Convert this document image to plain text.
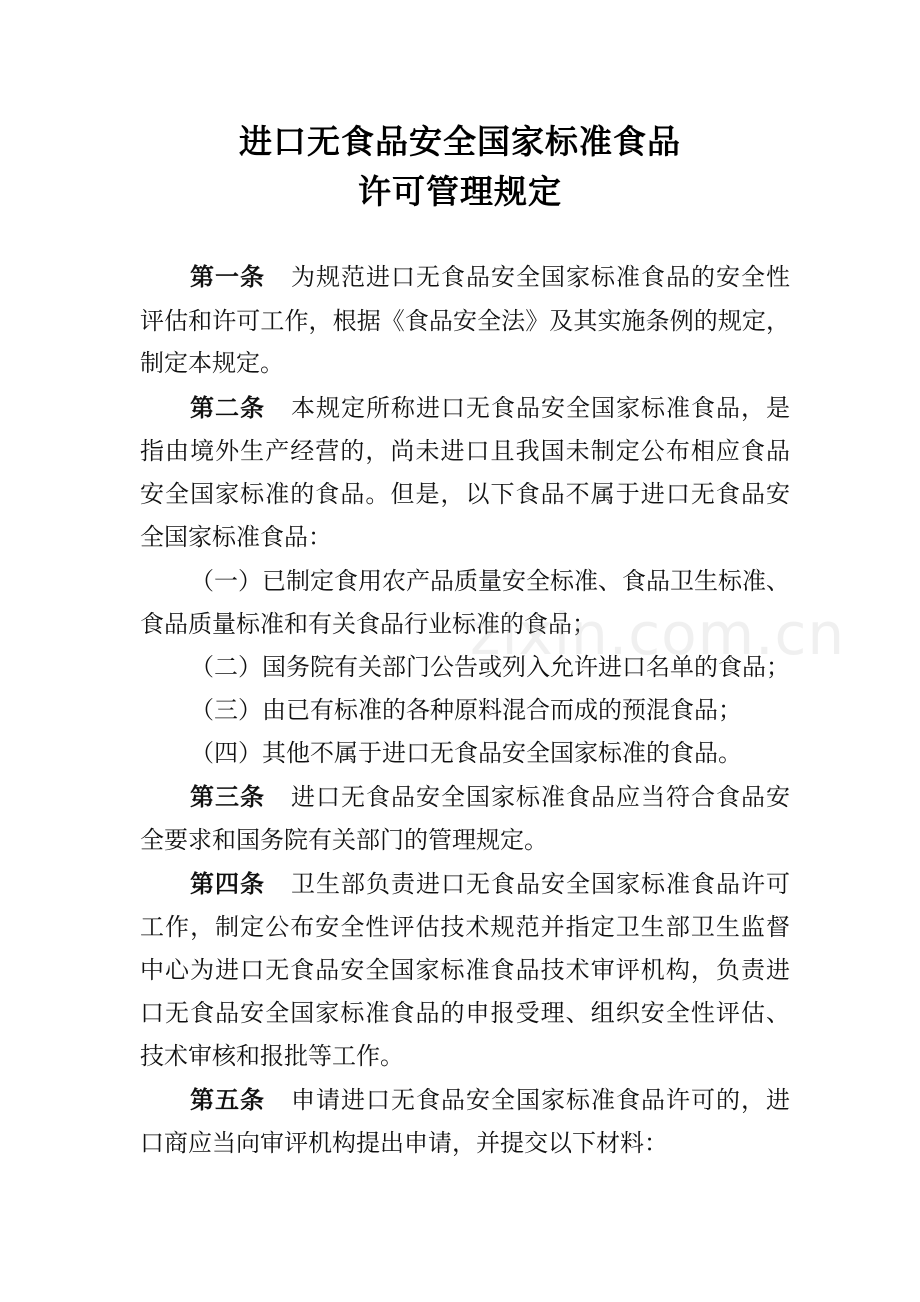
进口无食品安全国家标准食品
许可管理规定
第一条 为规范进口无食品安全国家标准食品的安全性
评估和许可工作，根据《食品安全法》及其实施条例的规定，
制定本规定。
第二条 本规定所称进口无食品安全国家标准食品，是
指由境外生产经营的，尚未进口且我国未制定公布相应食品
安全国家标准的食品。但是，以下食品不属于进口无食品安
全国家标准食品：
（一）已制定食用农产品质量安全标准、食品卫生标准、
食品质量标准和有关食品行业标准的食品；
（二）国务院有关部门公告或列入允许进口名单的食品；
（三）由已有标准的各种原料混合而成的预混食品；
（四）其他不属于进口无食品安全国家标准的食品。
第三条 进口无食品安全国家标准食品应当符合食品安
全要求和国务院有关部门的管理规定。
第四条 卫生部负责进口无食品安全国家标准食品许可
工作，制定公布安全性评估技术规范并指定卫生部卫生监督
中心为进口无食品安全国家标准食品技术审评机构，负责进
口无食品安全国家标准食品的申报受理、组织安全性评估、
技术审核和报批等工作。
第五条 申请进口无食品安全国家标准食品许可的，进
口商应当向审评机构提出申请，并提交以下材料：
zixin.com.cn
